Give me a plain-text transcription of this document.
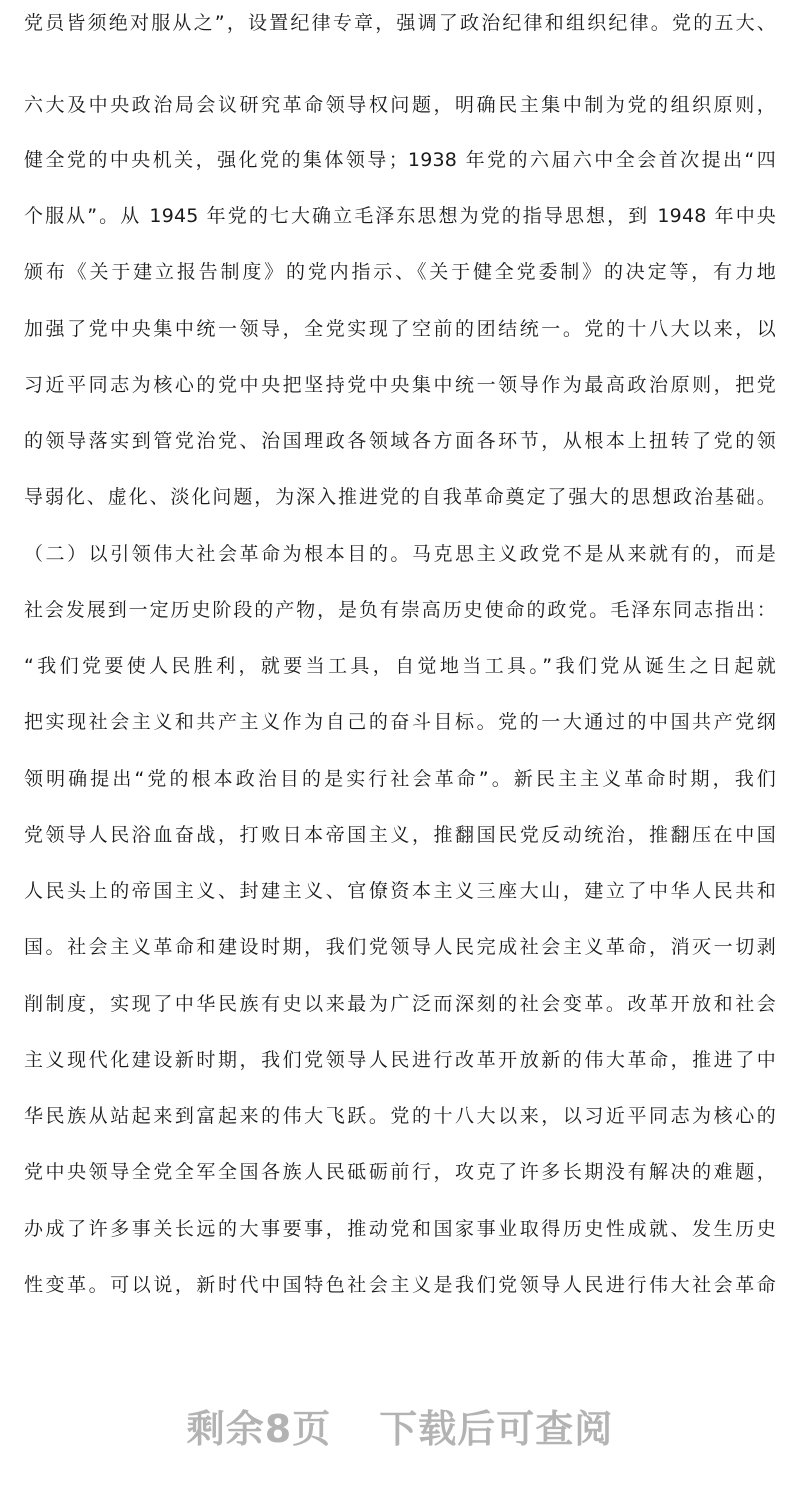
党员皆须绝对服从之”，设置纪律专章，强调了政治纪律和组织纪律。党的五大、
六大及中央政治局会议研究革命领导权问题，明确民主集中制为党的组织原则，
健全党的中央机关，强化党的集体领导；1938 年党的六届六中全会首次提出“四
个服从”。从 1945 年党的七大确立毛泽东思想为党的指导思想，到 1948 年中央
颁布《关于建立报告制度》的党内指示、《关于健全党委制》的决定等，有力地
加强了党中央集中统一领导，全党实现了空前的团结统一。党的十八大以来，以
习近平同志为核心的党中央把坚持党中央集中统一领导作为最高政治原则，把党
的领导落实到管党治党、治国理政各领域各方面各环节，从根本上扭转了党的领
导弱化、虚化、淡化问题，为深入推进党的自我革命奠定了强大的思想政治基础。
（二）以引领伟大社会革命为根本目的。马克思主义政党不是从来就有的，而是
社会发展到一定历史阶段的产物，是负有崇高历史使命的政党。毛泽东同志指出：
“我们党要使人民胜利，就要当工具，自觉地当工具。”我们党从诞生之日起就
把实现社会主义和共产主义作为自己的奋斗目标。党的一大通过的中国共产党纲
领明确提出“党的根本政治目的是实行社会革命”。新民主主义革命时期，我们
党领导人民浴血奋战，打败日本帝国主义，推翻国民党反动统治，推翻压在中国
人民头上的帝国主义、封建主义、官僚资本主义三座大山，建立了中华人民共和
国。社会主义革命和建设时期，我们党领导人民完成社会主义革命，消灭一切剥
削制度，实现了中华民族有史以来最为广泛而深刻的社会变革。改革开放和社会
主义现代化建设新时期，我们党领导人民进行改革开放新的伟大革命，推进了中
华民族从站起来到富起来的伟大飞跃。党的十八大以来，以习近平同志为核心的
党中央领导全党全军全国各族人民砥砺前行，攻克了许多长期没有解决的难题，
办成了许多事关长远的大事要事，推动党和国家事业取得历史性成就、发生历史
性变革。可以说，新时代中国特色社会主义是我们党领导人民进行伟大社会革命
剩余8页 下载后可查阅
